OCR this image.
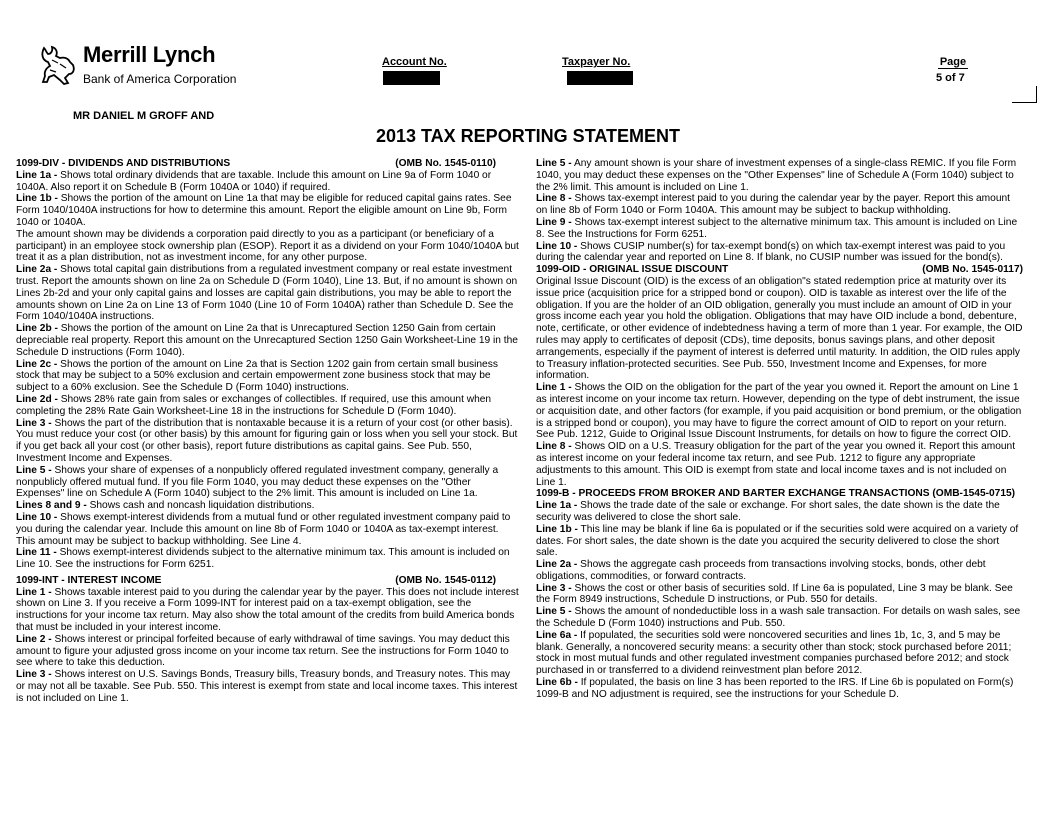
Merrill Lynch
Bank of America Corporation
Account No.	Taxpayer No.	Page
5 of 7
MR DANIEL M GROFF AND
2013 TAX REPORTING STATEMENT
1099-DIV - DIVIDENDS AND DISTRIBUTIONS	(OMB No. 1545-0110)

Line 1a - Shows total ordinary dividends that are taxable. Include this amount on Line 9a of Form 1040 or 1040A. Also report it on Schedule B (Form 1040A or 1040) if required.

Line 1b - Shows the portion of the amount on Line 1a that may be eligible for reduced capital gains rates. See Form 1040/1040A instructions for how to determine this amount. Report the eligible amount on Line 9b, Form 1040 or 1040A.

The amount shown may be dividends a corporation paid directly to you as a participant (or beneficiary of a participant) in an employee stock ownership plan (ESOP). Report it as a dividend on your Form 1040/1040A but treat it as a plan distribution, not as investment income, for any other purpose.

Line 2a - Shows total capital gain distributions from a regulated investment company or real estate investment trust. Report the amounts shown on line 2a on Schedule D (Form 1040), Line 13. But, if no amount is shown on Lines 2b-2d and your only capital gains and losses are capital gain distributions, you may be able to report the amounts shown on Line 2a on Line 13 of Form 1040 (Line 10 of Form 1040A) rather than Schedule D. See the Form 1040/1040A instructions.

Line 2b - Shows the portion of the amount on Line 2a that is Unrecaptured Section 1250 Gain from certain depreciable real property. Report this amount on the Unrecaptured Section 1250 Gain Worksheet-Line 19 in the Schedule D instructions (Form 1040).

Line 2c - Shows the portion of the amount on Line 2a that is Section 1202 gain from certain small business stock that may be subject to a 50% exclusion and certain empowerment zone business stock that may be subject to a 60% exclusion. See the Schedule D (Form 1040) instructions.

Line 2d - Shows 28% rate gain from sales or exchanges of collectibles. If required, use this amount when completing the 28% Rate Gain Worksheet-Line 18 in the instructions for Schedule D (Form 1040).

Line 3 - Shows the part of the distribution that is nontaxable because it is a return of your cost (or other basis). You must reduce your cost (or other basis) by this amount for figuring gain or loss when you sell your stock. But if you get back all your cost (or other basis), report future distributions as capital gains. See Pub. 550, Investment Income and Expenses.

Line 5 - Shows your share of expenses of a nonpublicly offered regulated investment company, generally a nonpublicly offered mutual fund. If you file Form 1040, you may deduct these expenses on the "Other Expenses" line on Schedule A (Form 1040) subject to the 2% limit. This amount is included on Line 1a.

Lines 8 and 9 - Shows cash and noncash liquidation distributions.

Line 10 - Shows exempt-interest dividends from a mutual fund or other regulated investment company paid to you during the calendar year. Include this amount on line 8b of Form 1040 or 1040A as tax-exempt interest. This amount may be subject to backup withholding. See Line 4.

Line 11 - Shows exempt-interest dividends subject to the alternative minimum tax. This amount is included on Line 10. See the instructions for Form 6251.

1099-INT - INTEREST INCOME	(OMB No. 1545-0112)

Line 1 - Shows taxable interest paid to you during the calendar year by the payer. This does not include interest shown on Line 3. If you receive a Form 1099-INT for interest paid on a tax-exempt obligation, see the instructions for your income tax return. May also show the total amount of the credits from build America bonds that must be included in your interest income.

Line 2 - Shows interest or principal forfeited because of early withdrawal of time savings. You may deduct this amount to figure your adjusted gross income on your income tax return. See the instructions for Form 1040 to see where to take this deduction.

Line 3 - Shows interest on U.S. Savings Bonds, Treasury bills, Treasury bonds, and Treasury notes. This may or may not all be taxable. See Pub. 550. This interest is exempt from state and local income taxes. This interest is not included on Line 1.

Line 5 - Any amount shown is your share of investment expenses of a single-class REMIC. If you file Form 1040, you may deduct these expenses on the "Other Expenses" line of Schedule A (Form 1040) subject to the 2% limit. This amount is included on Line 1.

Line 8 - Shows tax-exempt interest paid to you during the calendar year by the payer. Report this amount on line 8b of Form 1040 or Form 1040A. This amount may be subject to backup withholding.

Line 9 - Shows tax-exempt interest subject to the alternative minimum tax. This amount is included on Line 8. See the Instructions for Form 6251.

Line 10 - Shows CUSIP number(s) for tax-exempt bond(s) on which tax-exempt interest was paid to you during the calendar year and reported on Line 8. If blank, no CUSIP number was issued for the bond(s).

1099-OID - ORIGINAL ISSUE DISCOUNT	(OMB No. 1545-0117)

Original Issue Discount (OID) is the excess of an obligation"s stated redemption price at maturity over its issue price (acquisition price for a stripped bond or coupon). OID is taxable as interest over the life of the obligation. If you are the holder of an OID obligation, generally you must include an amount of OID in your gross income each year you hold the obligation. Obligations that may have OID include a bond, debenture, note, certificate, or other evidence of indebtedness having a term of more than 1 year. For example, the OID rules may apply to certificates of deposit (CDs), time deposits, bonus savings plans, and other deposit arrangements, especially if the payment of interest is deferred until maturity. In addition, the OID rules apply to Treasury inflation-protected securities. See Pub. 550, Investment Income and Expenses, for more information.

Line 1 - Shows the OID on the obligation for the part of the year you owned it. Report the amount on Line 1 as interest income on your income tax return. However, depending on the type of debt instrument, the issue or acquisition date, and other factors (for example, if you paid acquisition or bond premium, or the obligation is a stripped bond or coupon), you may have to figure the correct amount of OID to report on your return. See Pub. 1212, Guide to Original Issue Discount Instruments, for details on how to figure the correct OID.

Line 8 - Shows OID on a U.S. Treasury obligation for the part of the year you owned it. Report this amount as interest income on your federal income tax return, and see Pub. 1212 to figure any appropriate adjustments to this amount. This OID is exempt from state and local income taxes and is not included on Line 1.

1099-B - PROCEEDS FROM BROKER AND BARTER EXCHANGE TRANSACTIONS (OMB-1545-0715)

Line 1a - Shows the trade date of the sale or exchange. For short sales, the date shown is the date the security was delivered to close the short sale.

Line 1b - This line may be blank if line 6a is populated or if the securities sold were acquired on a variety of dates. For short sales, the date shown is the date you acquired the security delivered to close the short sale.

Line 2a - Shows the aggregate cash proceeds from transactions involving stocks, bonds, other debt obligations, commodities, or forward contracts.

Line 3 - Shows the cost or other basis of securities sold. If Line 6a is populated, Line 3 may be blank. See the Form 8949 instructions, Schedule D instructions, or Pub. 550 for details.

Line 5 - Shows the amount of nondeductible loss in a wash sale transaction. For details on wash sales, see the Schedule D (Form 1040) instructions and Pub. 550.

Line 6a - If populated, the securities sold were noncovered securities and lines 1b, 1c, 3, and 5 may be blank. Generally, a noncovered security means: a security other than stock; stock purchased before 2011; stock in most mutual funds and other regulated investment companies purchased before 2012; and stock purchased in or transferred to a dividend reinvestment plan before 2012.

Line 6b - If populated, the basis on line 3 has been reported to the IRS. If Line 6b is populated on Form(s) 1099-B and NO adjustment is required, see the instructions for your Schedule D.
